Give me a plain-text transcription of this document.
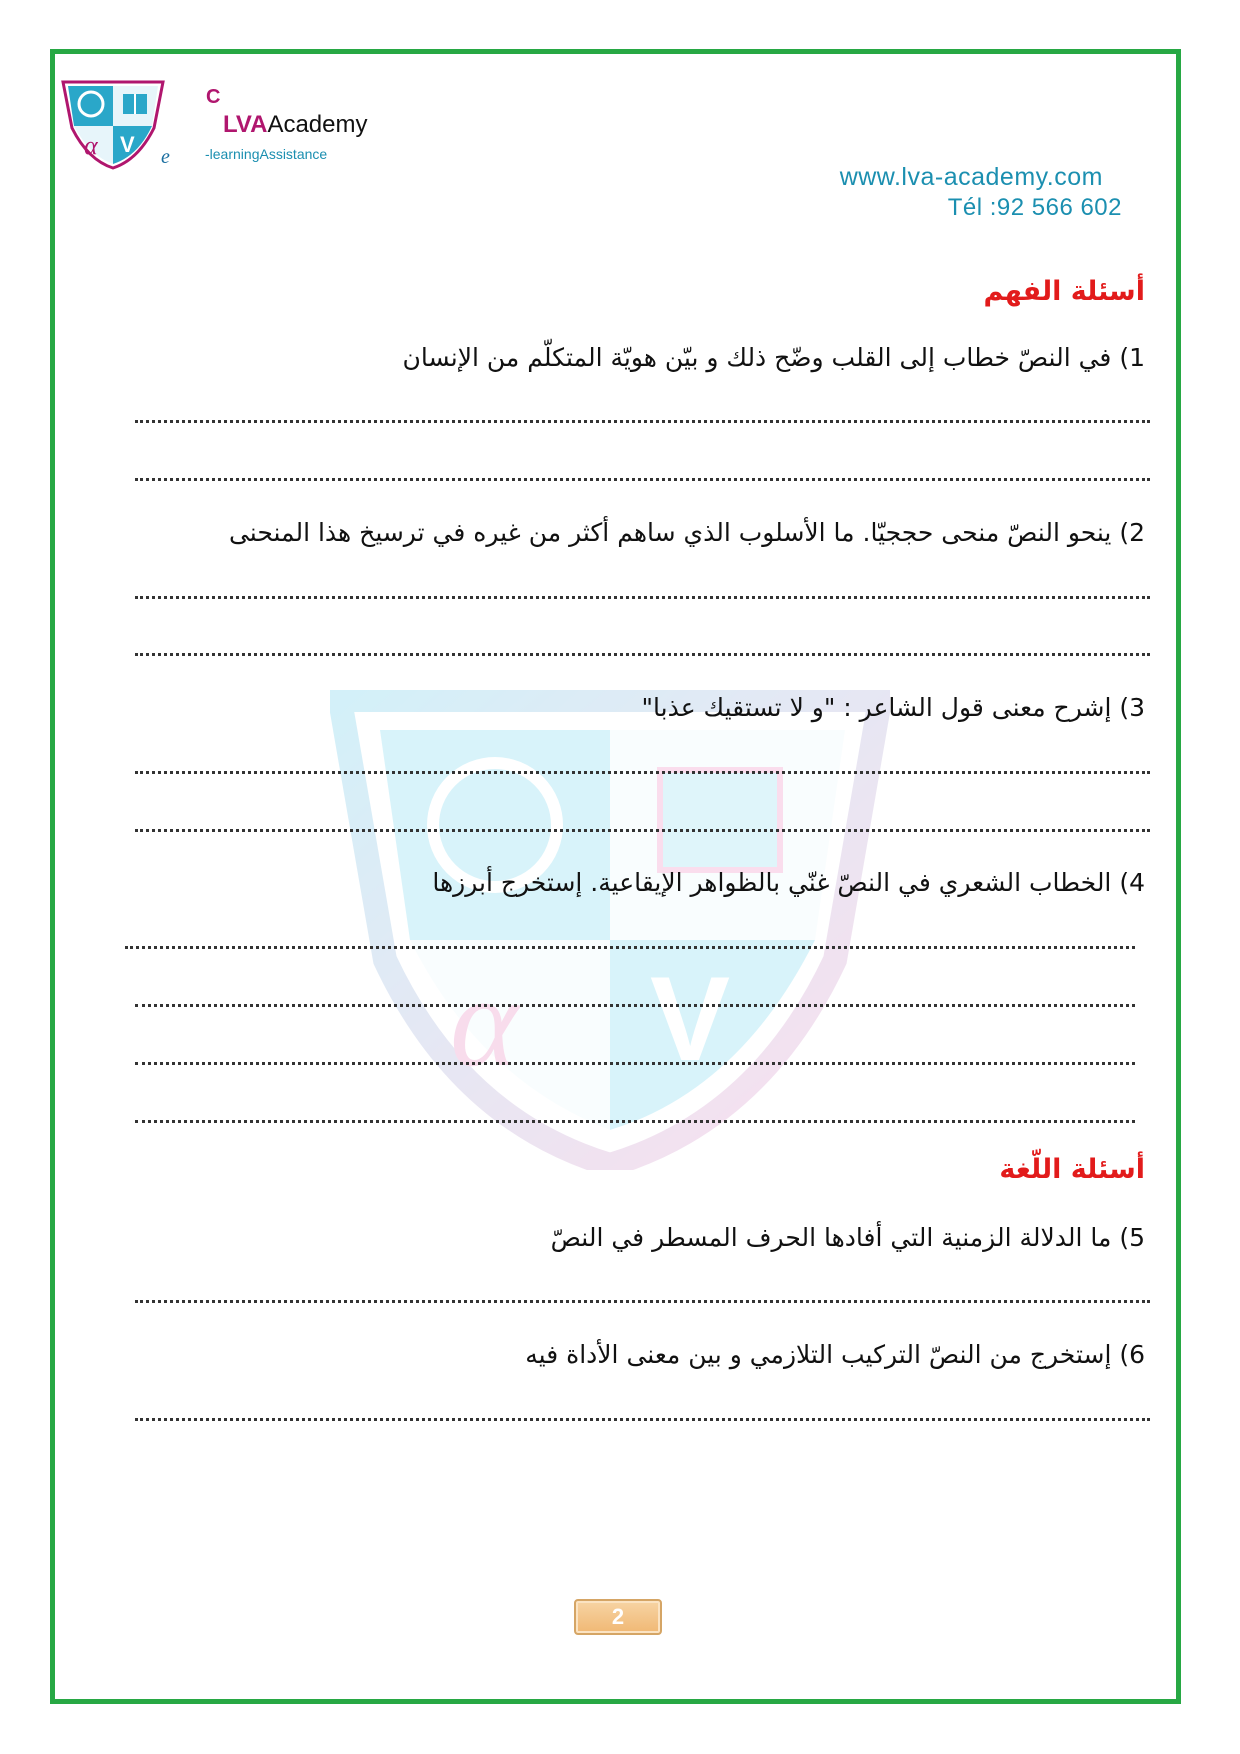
α V
C
LVAAcademy
e	-learningAssistance
www.lva-academy.com
Tél :92 566 602
α V
أسئلة الفهم
1) في النصّ خطاب إلى القلب وضّح ذلك و بيّن هويّة المتكلّم من الإنسان
2) ينحو النصّ منحى حججيّا. ما الأسلوب الذي ساهم أكثر من غيره في ترسيخ هذا المنحنى
3) إشرح معنى قول الشاعر : "و لا تستقيك عذبا"
4) الخطاب الشعري في النصّ غنّي بالظواهر الإيقاعية. إستخرج أبرزها
أسئلة اللّغة
5) ما الدلالة الزمنية التي أفادها الحرف المسطر في النصّ
6) إستخرج من النصّ التركيب التلازمي و بين معنى الأداة فيه
2
